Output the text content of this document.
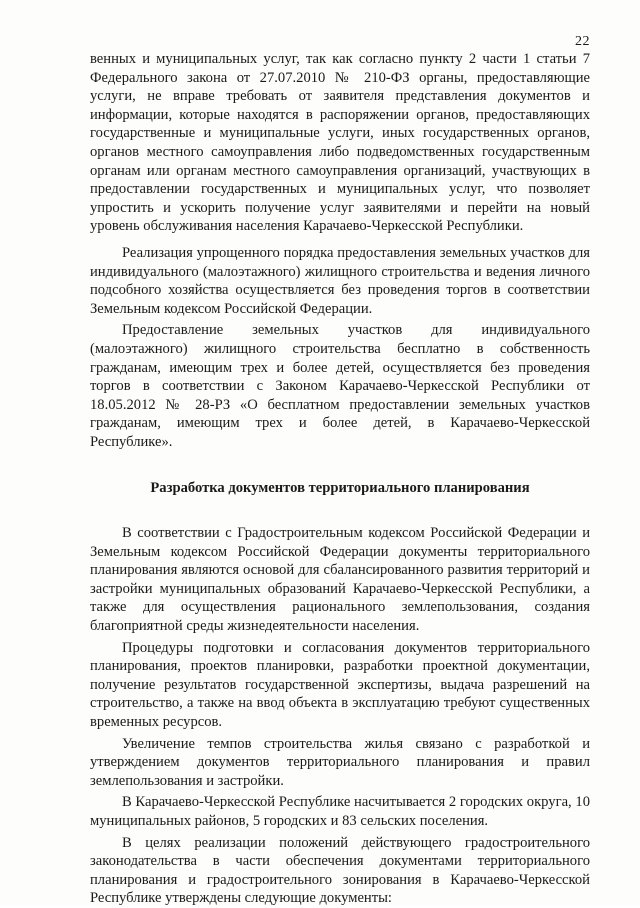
22

венных и муниципальных услуг, так как согласно пункту 2 части 1 статьи 7 Федерального закона от 27.07.2010 № 210-ФЗ органы, предоставляющие услуги, не вправе требовать от заявителя представления документов и информации, которые находятся в распоряжении органов, предоставляющих государственные и муниципальные услуги, иных государственных органов, органов местного самоуправления либо подведомственных государственным органам или органам местного самоуправления организаций, участвующих в предоставлении государственных и муниципальных услуг, что позволяет упростить и ускорить получение услуг заявителями и перейти на новый уровень обслуживания населения Карачаево-Черкесской Республики.

Реализация упрощенного порядка предоставления земельных участков для индивидуального (малоэтажного) жилищного строительства и ведения личного подсобного хозяйства осуществляется без проведения торгов в соответствии Земельным кодексом Российской Федерации.

Предоставление земельных участков для индивидуального (малоэтажного) жилищного строительства бесплатно в собственность гражданам, имеющим трех и более детей, осуществляется без проведения торгов в соответствии с Законом Карачаево-Черкесской Республики от 18.05.2012 № 28-РЗ «О бесплатном предоставлении земельных участков гражданам, имеющим трех и более детей, в Карачаево-Черкесской Республике».

Разработка документов территориального планирования

В соответствии с Градостроительным кодексом Российской Федерации и Земельным кодексом Российской Федерации документы территориального планирования являются основой для сбалансированного развития территорий и застройки муниципальных образований Карачаево-Черкесской Республики, а также для осуществления рационального землепользования, создания благоприятной среды жизнедеятельности населения.

Процедуры подготовки и согласования документов территориального планирования, проектов планировки, разработки проектной документации, получение результатов государственной экспертизы, выдача разрешений на строительство, а также на ввод объекта в эксплуатацию требуют существенных временных ресурсов.

Увеличение темпов строительства жилья связано с разработкой и утверждением документов территориального планирования и правил землепользования и застройки.

В Карачаево-Черкесской Республике насчитывается 2 городских округа, 10 муниципальных районов, 5 городских и 83 сельских поселения.

В целях реализации положений действующего градостроительного законодательства в части обеспечения документами территориального планирования и градостроительного зонирования в Карачаево-Черкесской Республике утверждены следующие документы:
